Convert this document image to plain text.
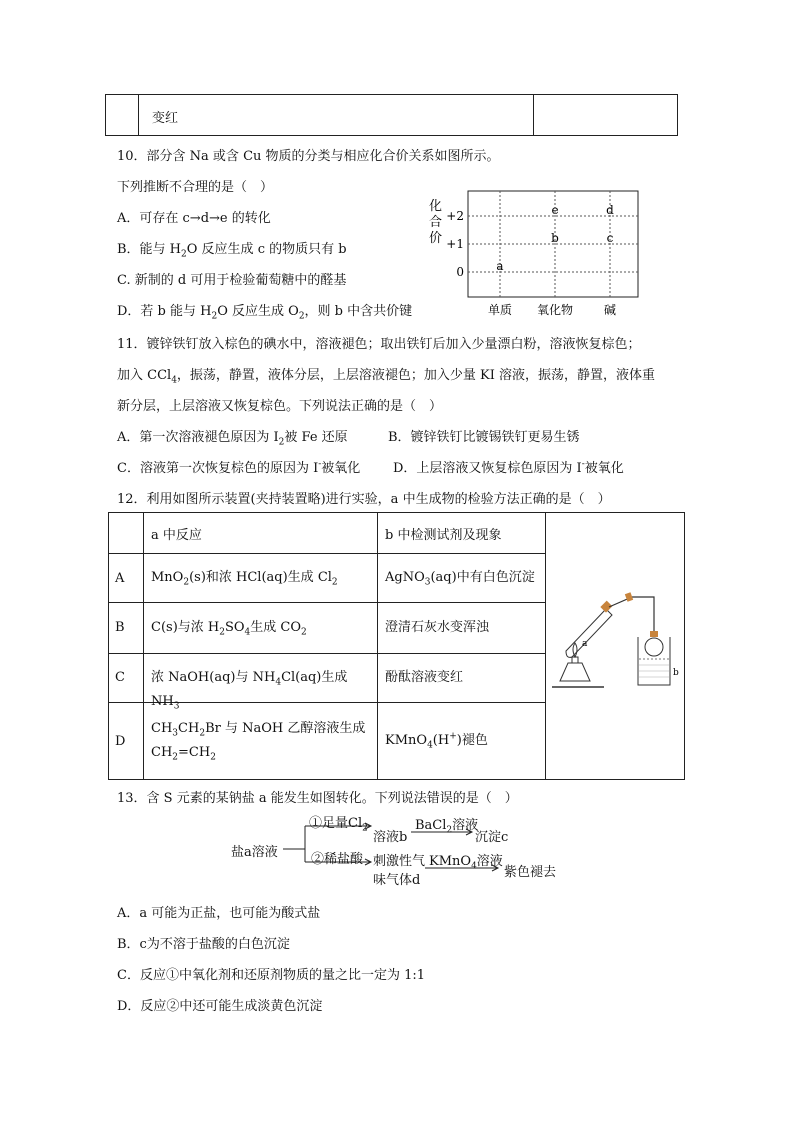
变红
10．部分含 Na 或含 Cu 物质的分类与相应化合价关系如图所示。
下列推断不合理的是（　）
A．可存在 c→d→e 的转化
B．能与 $H_2O$ 反应生成 c 的物质只有 b
C. 新制的 d 可用于检验葡萄糖中的醛基
D．若 b 能与 $H_2O$ 反应生成 $O_2$，则 b 中含共价键
a
b	c
d
e
+2
+1
0
单质 氧化物	碱
化
合
价
11．镀锌铁钉放入棕色的碘水中，溶液褪色；取出铁钉后加入少量漂白粉，溶液恢复棕色；
加入 CCl$_4$，振荡，静置，液体分层，上层溶液褪色；加入少量 KI 溶液，振荡，静置，液体重
新分层，上层溶液又恢复棕色。下列说法正确的是（　）
A．第一次溶液褪色原因为 $I_2$被 Fe 还原	B．镀锌铁钉比镀锡铁钉更易生锈
C．溶液第一次恢复棕色的原因为 I-被氧化	D．上层溶液又恢复棕色原因为 I-被氧化
12．利用如图所示装置(夹持装置略)进行实验，a 中生成物的检验方法正确的是（　）
	a 中反应	b 中检测试剂及现象	a
b

A	MnO$_2$(s)和浓 HCl(aq)生成 $Cl_2$	AgNO$_3$(aq)中有白色沉淀	

B	C(s)与浓 $H_2SO_4$生成 $CO_2$	澄清石灰水变浑浊	

C	浓 NaOH(aq)与 $NH_4Cl(aq)$生成 $NH_3$	酚酞溶液变红	

D	$CH_3CH_2Br$ 与 NaOH 乙醇溶液生成
$CH_2=CH_2$	KMnO$_4$(H+)褪色	
13．含 S 元素的某钠盐 a 能发生如图转化。下列说法错误的是（　）
盐a溶液
①足量$Cl_2$
溶液b
BaCl$_2$溶液
沉淀c
②稀盐酸 刺激性气
味气体d
KMnO$_4$溶液
紫色褪去
A．a 可能为正盐，也可能为酸式盐
B．c为不溶于盐酸的白色沉淀
C．反应①中氧化剂和还原剂物质的量之比一定为 1:1
D．反应②中还可能生成淡黄色沉淀
